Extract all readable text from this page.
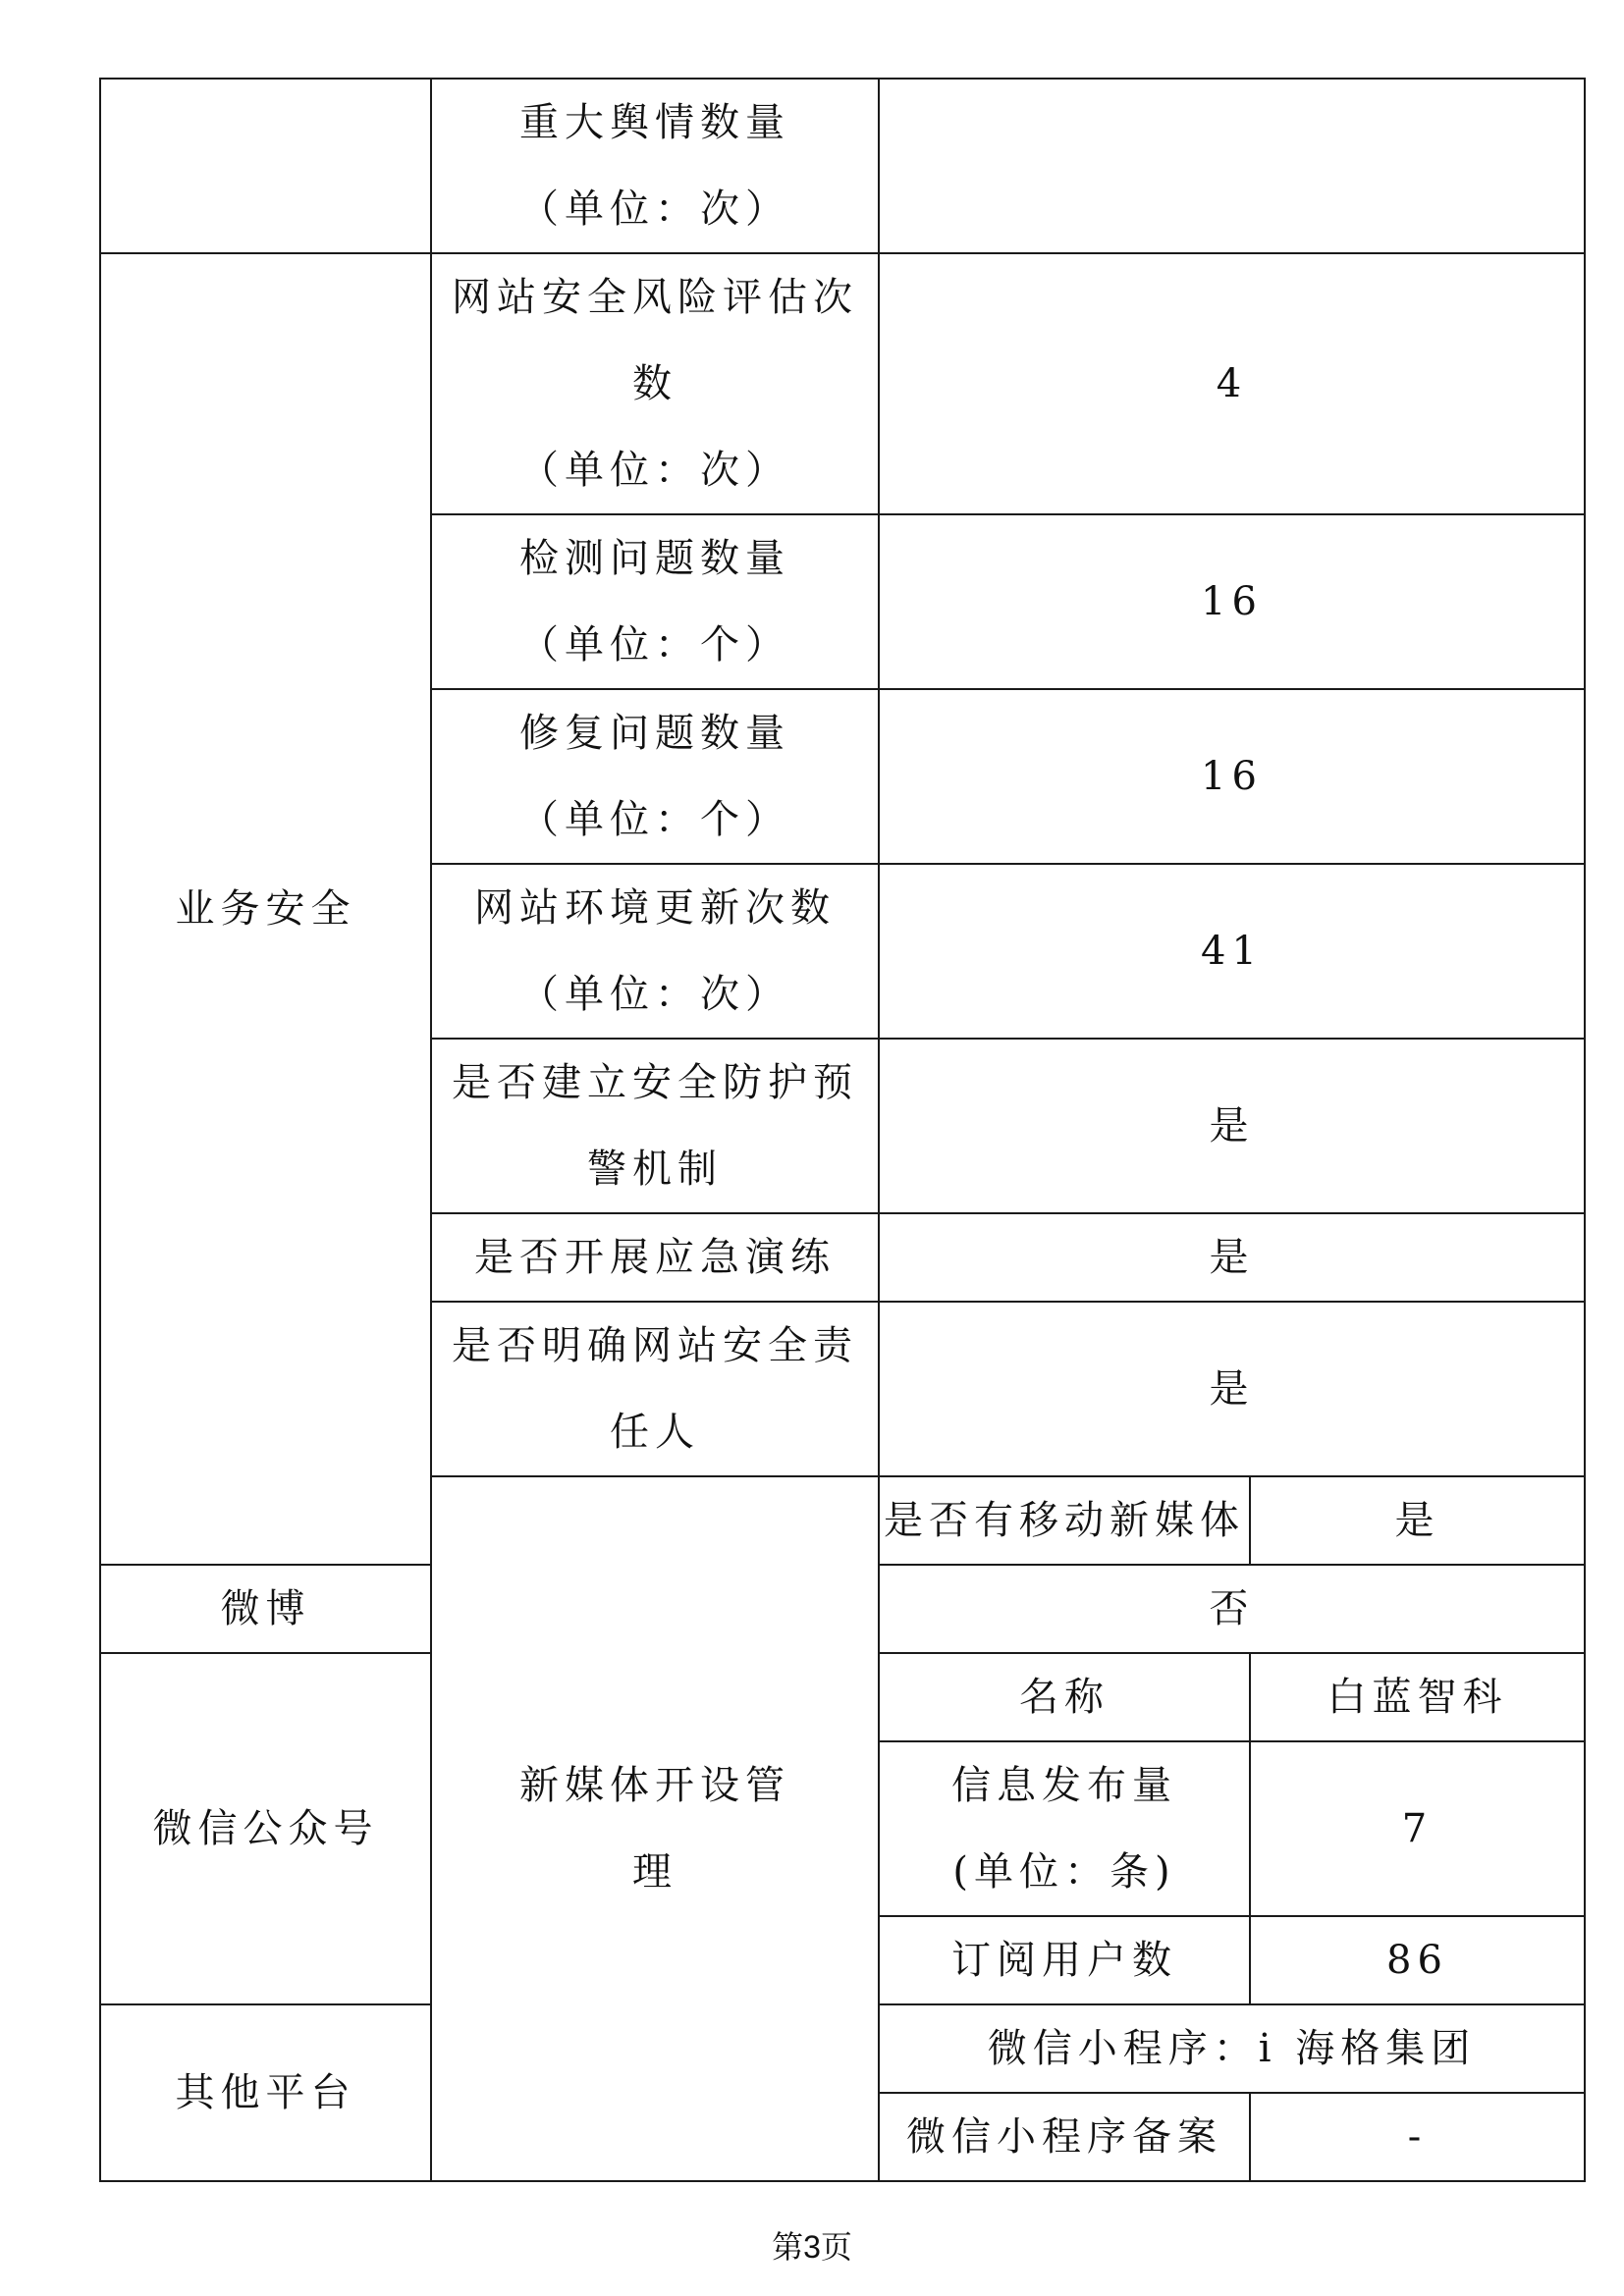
	重大舆情数量
（单位：次）		

业务安全	网站安全风险评估次
数
（单位：次）	4	

	检测问题数量
（单位：个）	16	

	修复问题数量
（单位：个）	16	

	网站环境更新次数
（单位：次）	41	

	是否建立安全防护预
警机制	是	
	是否开展应急演练	是	

	是否明确网站安全责
任人	是	

	新媒体开设管
理	是否有移动新媒体	是
微博		否	
微信公众号		名称	白蓝智科

		信息发布量
(单位：条)	7
		订阅用户数	86
其他平台		微信小程序：i 海格集团	
		微信小程序备案	-
第3页
